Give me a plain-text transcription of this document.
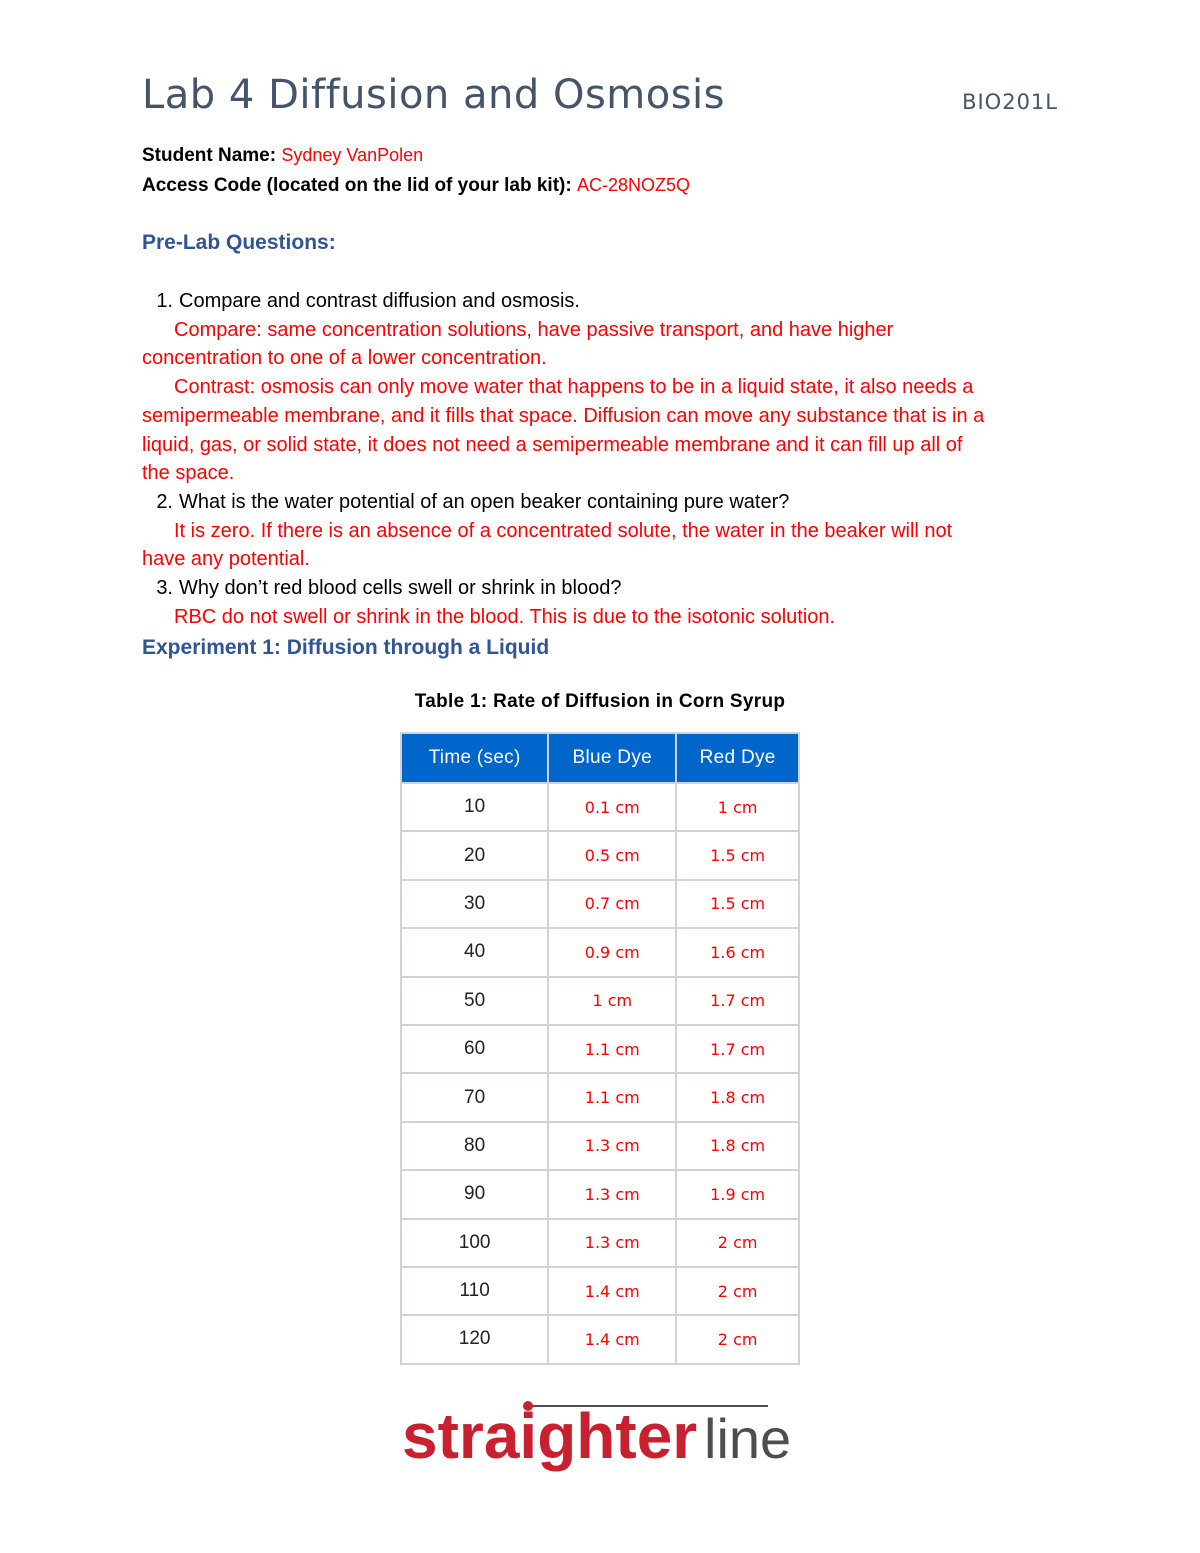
Lab 4 Diffusion and Osmosis	BIO201L
Student Name: Sydney VanPolen
Access Code (located on the lid of your lab kit): AC-28NOZ5Q
Pre-Lab Questions:
1. Compare and contrast diffusion and osmosis.
Compare: same concentration solutions, have passive transport, and have higher
concentration to one of a lower concentration.
Contrast: osmosis can only move water that happens to be in a liquid state, it also needs a
semipermeable membrane, and it fills that space. Diffusion can move any substance that is in a
liquid, gas, or solid state, it does not need a semipermeable membrane and it can fill up all of
the space.
2. What is the water potential of an open beaker containing pure water?
It is zero. If there is an absence of a concentrated solute, the water in the beaker will not
have any potential.
3. Why don’t red blood cells swell or shrink in blood?
RBC do not swell or shrink in the blood. This is due to the isotonic solution.
Experiment 1: Diffusion through a Liquid
Table 1: Rate of Diffusion in Corn Syrup
Time (sec)	Blue Dye	Red Dye
10	0.1 cm	1 cm
20	0.5 cm	1.5 cm
30	0.7 cm	1.5 cm
40	0.9 cm	1.6 cm
50	1 cm	1.7 cm
60	1.1 cm	1.7 cm
70	1.1 cm	1.8 cm
80	1.3 cm	1.8 cm
90	1.3 cm	1.9 cm
100	1.3 cm	2 cm
110	1.4 cm	2 cm
120	1.4 cm	2 cm
straighter line
